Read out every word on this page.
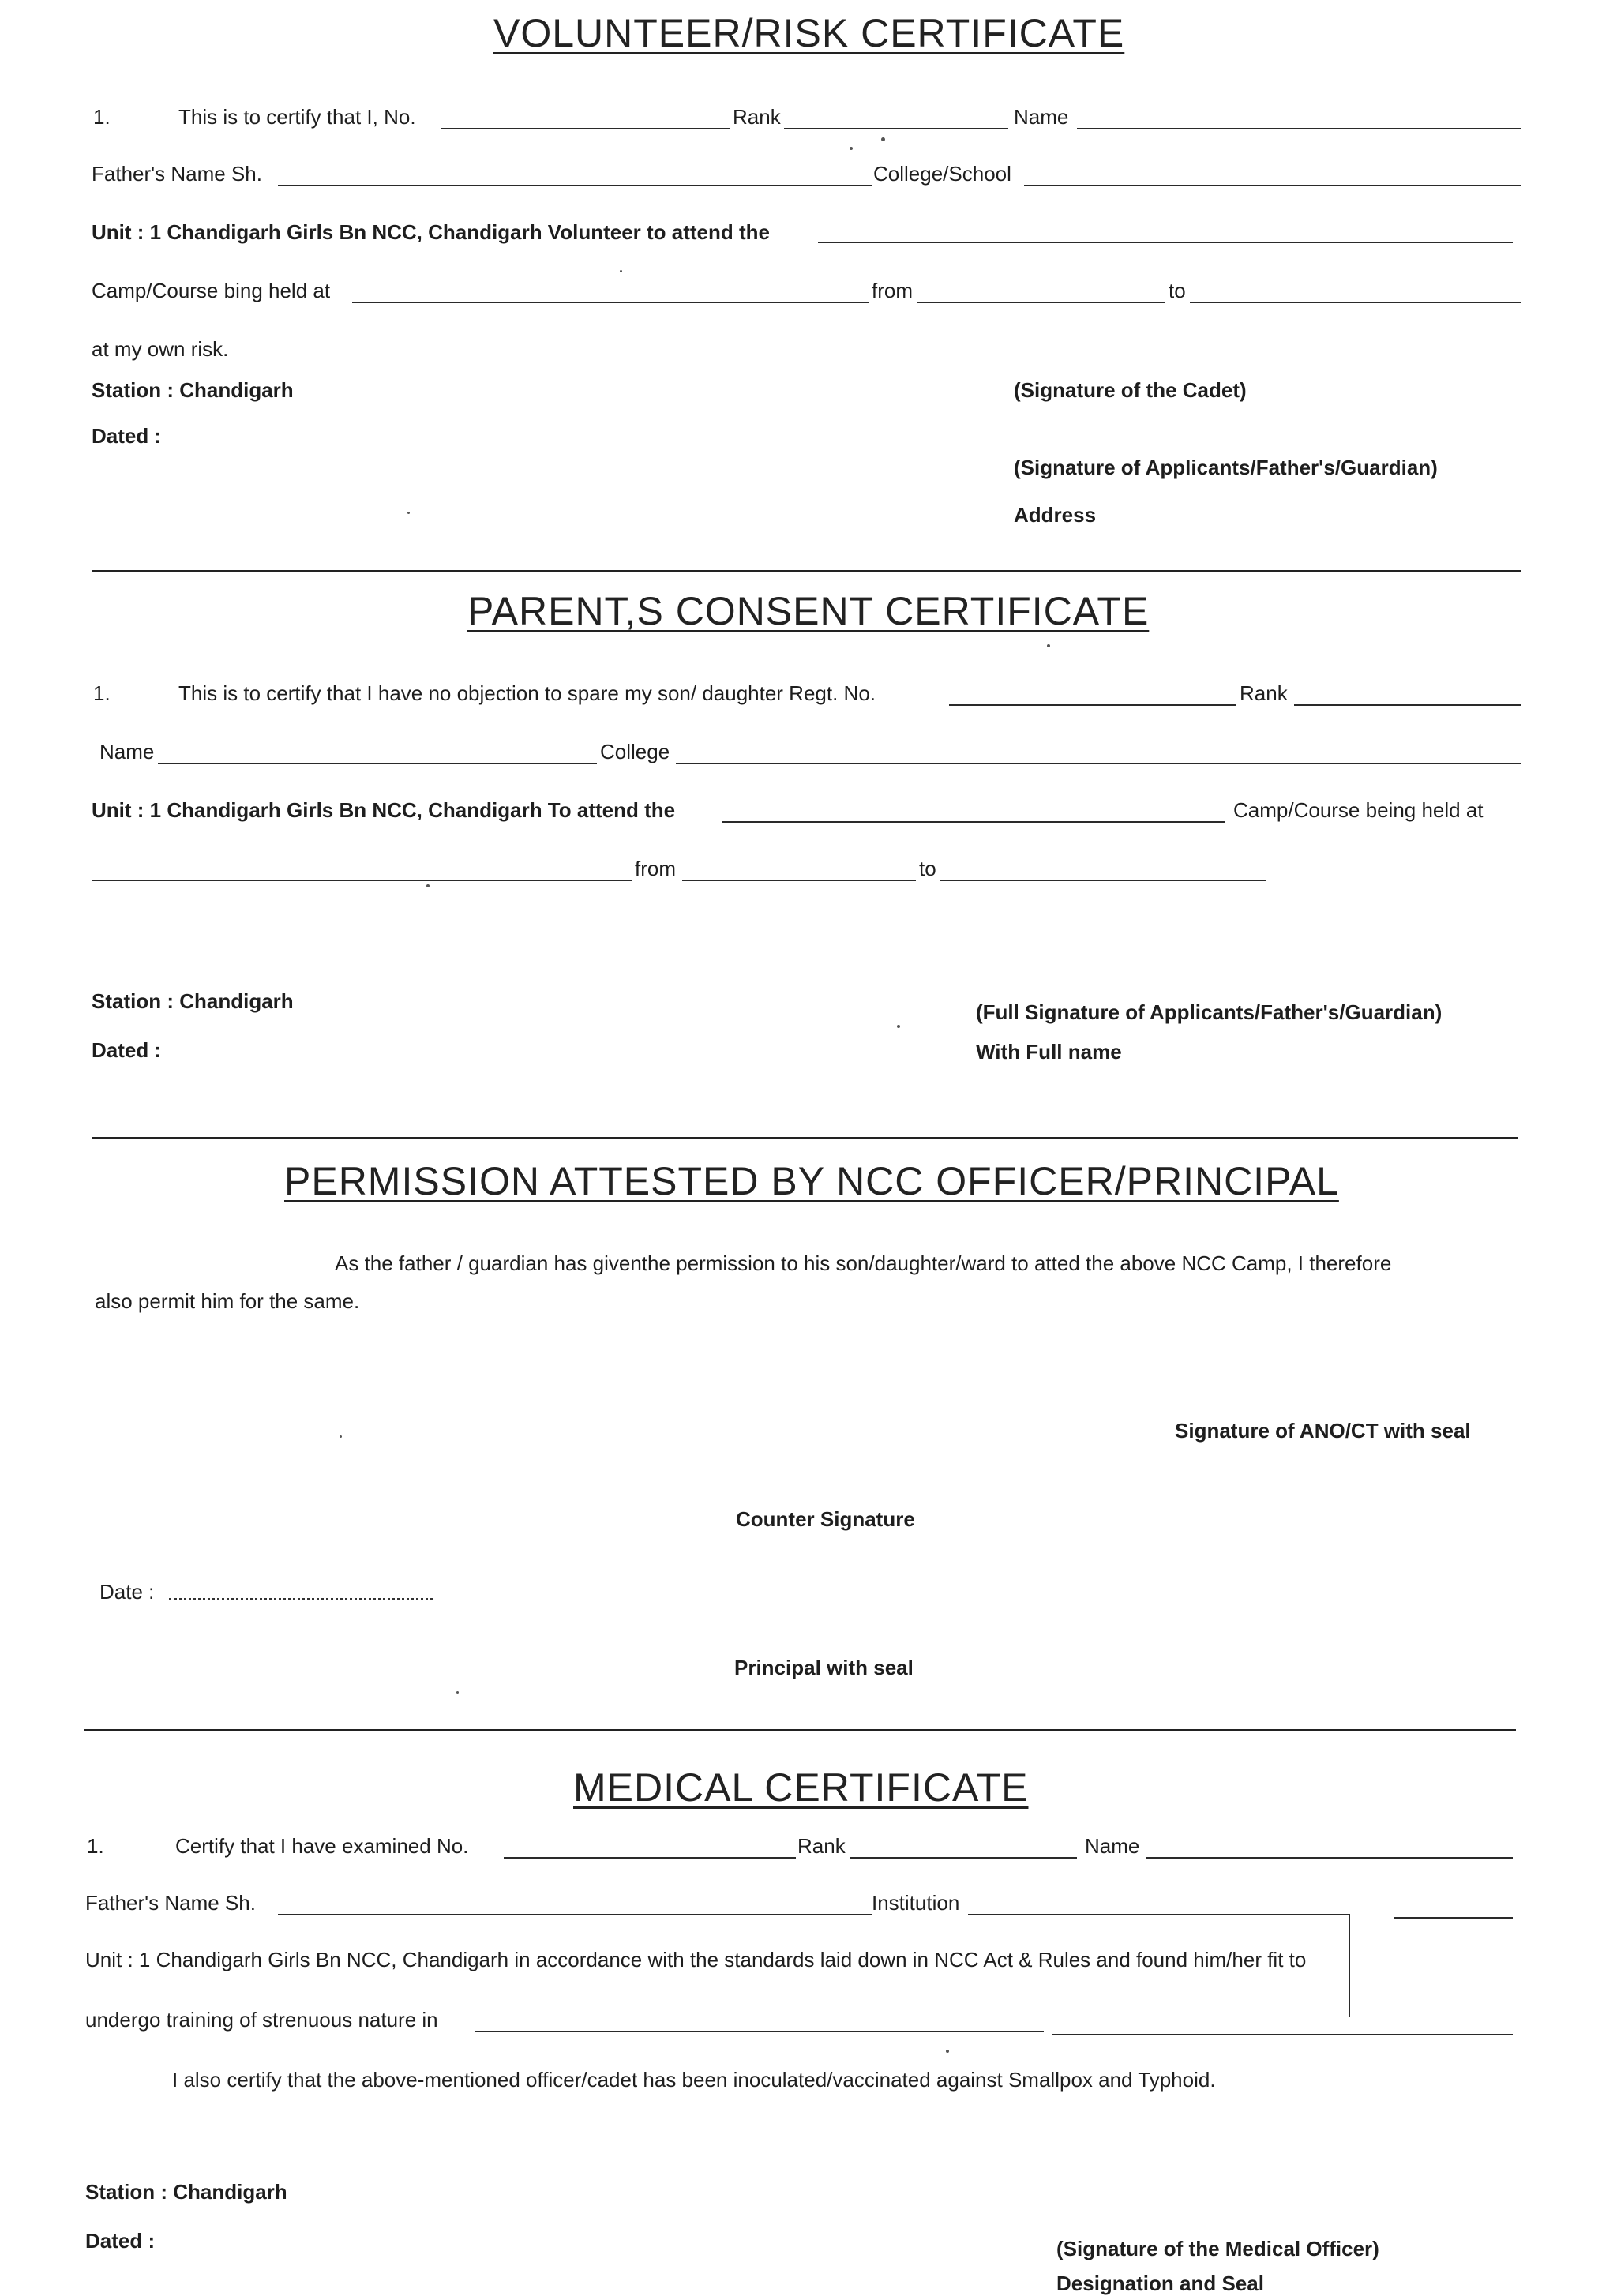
VOLUNTEER/RISK CERTIFICATE
1.	This is to certify that I, No.	Rank	Name
Father's Name Sh.	College/School
Unit : 1 Chandigarh Girls Bn NCC, Chandigarh Volunteer to attend the
Camp/Course bing held at	from	to
at my own risk.
Station : Chandigarh	(Signature of the Cadet)
Dated :
(Signature of Applicants/Father's/Guardian)
Address
PARENT,S CONSENT CERTIFICATE
1.	This is to certify that I have no objection to spare my son/ daughter Regt. No.	Rank
Name	College
Unit : 1 Chandigarh Girls Bn NCC, Chandigarh To attend the	Camp/Course being held at
from	to
Station : Chandigarh	(Full Signature of Applicants/Father's/Guardian)
Dated :	With Full name
PERMISSION ATTESTED BY NCC OFFICER/PRINCIPAL
As the father / guardian has giventhe permission to his son/daughter/ward to atted the above NCC Camp, I therefore
also permit him for the same.
Signature of ANO/CT with seal
Counter Signature
Date :
Principal with seal
MEDICAL CERTIFICATE
1.	Certify that I have examined No.	Rank	Name
Father's Name Sh.	Institution
Unit : 1 Chandigarh Girls Bn NCC, Chandigarh in accordance with the standards laid down in NCC Act & Rules and found him/her fit to
undergo training of strenuous nature in
I also certify that the above-mentioned officer/cadet has been inoculated/vaccinated against Smallpox and Typhoid.
Station : Chandigarh
Dated :	(Signature of the Medical Officer)
Designation and Seal
